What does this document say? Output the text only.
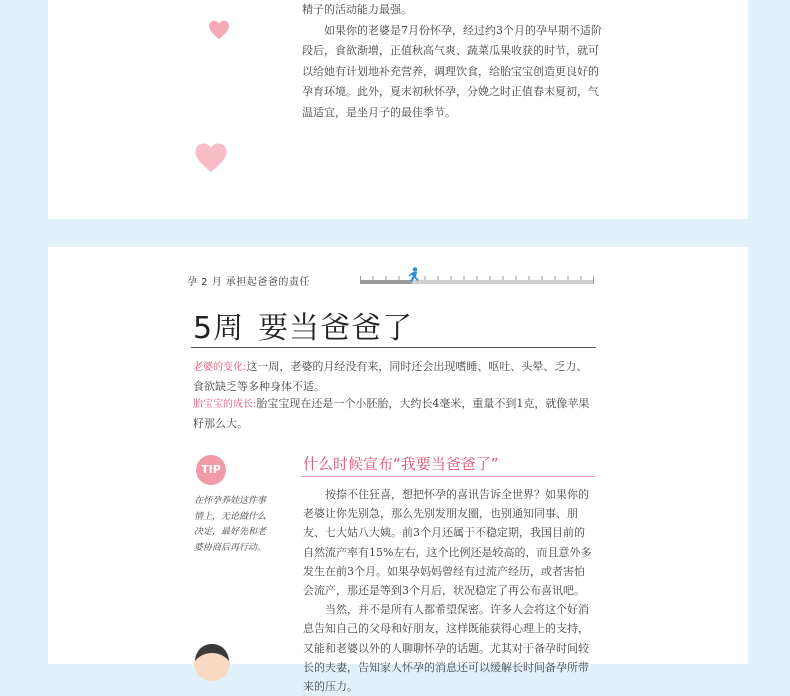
精子的活动能力最强。

如果你的老婆是7月份怀孕，经过约3个月的孕早期不适阶段后，食欲渐增，正值秋高气爽、蔬菜瓜果收获的时节，就可以给她有计划地补充营养，调理饮食，给胎宝宝创造更良好的孕育环境。此外，夏末初秋怀孕，分娩之时正值春末夏初，气温适宜，是坐月子的最佳季节。

孕 2 月 承担起爸爸的责任
5周 要当爸爸了
老婆的变化:这一周，老婆的月经没有来，同时还会出现嗜睡、呕吐、头晕、乏力、食欲缺乏等多种身体不适。
胎宝宝的成长:胎宝宝现在还是一个小胚胎，大约长4毫米，重量不到1克，就像苹果籽那么大。
TIP
在怀孕养娃这件事情上，无论做什么决定，最好先和老婆协商后再行动。
什么时候宣布“我要当爸爸了”

按捺不住狂喜，想把怀孕的喜讯告诉全世界？如果你的老婆让你先别急，那么先别发朋友圈，也别通知同事、朋友、七大姑八大姨。前3个月还属于不稳定期，我国目前的自然流产率有15%左右，这个比例还是较高的，而且意外多发生在前3个月。如果孕妈妈曾经有过流产经历，或者害怕会流产，那还是等到3个月后，状况稳定了再公布喜讯吧。

当然，并不是所有人都希望保密。许多人会将这个好消息告知自己的父母和好朋友，这样既能获得心理上的支持，又能和老婆以外的人聊聊怀孕的话题。尤其对于备孕时间较长的夫妻，告知家人怀孕的消息还可以缓解长时间备孕所带来的压力。
